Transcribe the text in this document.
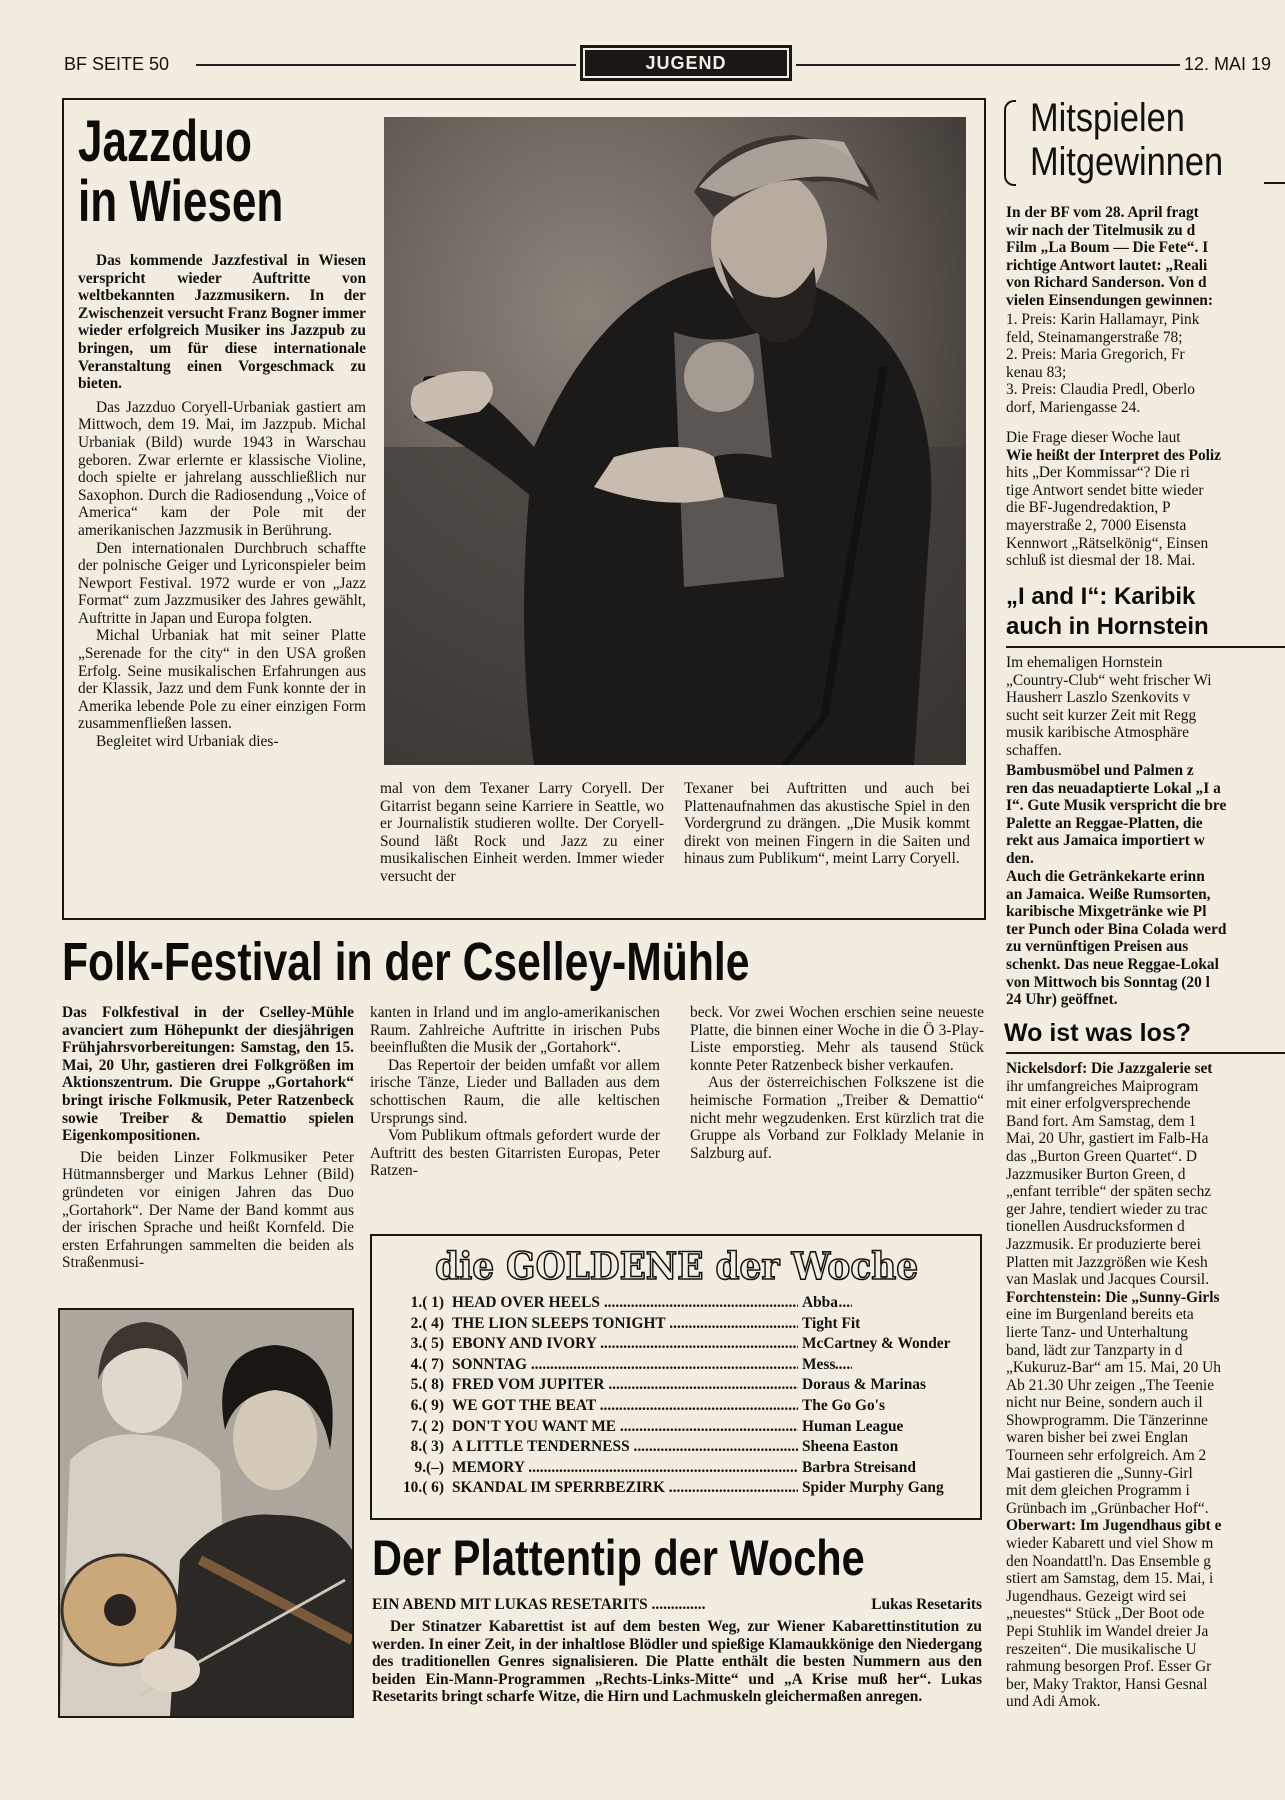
BF SEITE 50	JUGEND	12. MAI 19
Jazzduo
in Wiesen

Das kommende Jazzfestival in Wiesen verspricht wieder Auftritte von weltbekannten Jazzmusikern. In der Zwischenzeit versucht Franz Bogner immer wieder erfolgreich Musiker ins Jazzpub zu bringen, um für diese internationale Veranstaltung einen Vorgeschmack zu bieten.

Das Jazzduo Coryell-Urbaniak gastiert am Mittwoch, dem 19. Mai, im Jazzpub. Michal Urbaniak (Bild) wurde 1943 in Warschau geboren. Zwar erlernte er klassische Violine, doch spielte er jahrelang ausschließlich nur Saxophon. Durch die Radiosendung „Voice of America“ kam der Pole mit der amerikanischen Jazzmusik in Berührung.

Den internationalen Durchbruch schaffte der polnische Geiger und Lyriconspieler beim Newport Festival. 1972 wurde er von „Jazz Format“ zum Jazzmusiker des Jahres gewählt, Auftritte in Japan und Europa folgten.

Michal Urbaniak hat mit seiner Platte „Serenade for the city“ in den USA großen Erfolg. Seine musikalischen Erfahrungen aus der Klassik, Jazz und dem Funk konnte der in Amerika lebende Pole zu einer einzigen Form zusammenfließen lassen.

Begleitet wird Urbaniak dies-

mal von dem Texaner Larry Coryell. Der Gitarrist begann seine Karriere in Seattle, wo er Journalistik studieren wollte. Der Coryell-Sound läßt Rock und Jazz zu einer musikalischen Einheit werden. Immer wieder versucht der

Texaner bei Auftritten und auch bei Plattenaufnahmen das akustische Spiel in den Vordergrund zu drängen. „Die Musik kommt direkt von meinen Fingern in die Saiten und hinaus zum Publikum“, meint Larry Coryell.

Folk-Festival in der Cselley-Mühle

Das Folkfestival in der Cselley-Mühle avanciert zum Höhepunkt der diesjährigen Frühjahrsvorbereitungen: Samstag, den 15. Mai, 20 Uhr, gastieren drei Folkgrößen im Aktionszentrum. Die Gruppe „Gortahork“ bringt irische Folkmusik, Peter Ratzenbeck sowie Treiber & Demattio spielen Eigenkompositionen.

Die beiden Linzer Folkmusiker Peter Hütmannsberger und Markus Lehner (Bild) gründeten vor einigen Jahren das Duo „Gortahork“. Der Name der Band kommt aus der irischen Sprache und heißt Kornfeld. Die ersten Erfahrungen sammelten die beiden als Straßenmusi-

kanten in Irland und im anglo-amerikanischen Raum. Zahlreiche Auftritte in irischen Pubs beeinflußten die Musik der „Gortahork“.

Das Repertoir der beiden umfaßt vor allem irische Tänze, Lieder und Balladen aus dem schottischen Raum, die alle keltischen Ursprungs sind.

Vom Publikum oftmals gefordert wurde der Auftritt des besten Gitarristen Europas, Peter Ratzen-

beck. Vor zwei Wochen erschien seine neueste Platte, die binnen einer Woche in die Ö 3-Play-Liste emporstieg. Mehr als tausend Stück konnte Peter Ratzenbeck bisher verkaufen.

Aus der österreichischen Folkszene ist die heimische Formation „Treiber & Demattio“ nicht mehr wegzudenken. Erst kürzlich trat die Gruppe als Vorband zur Folklady Melanie in Salzburg auf.

die GOLDENE der Woche
1.( 1) HEAD OVER HEELS .....	Abba
2.( 4) THE LION SLEEPS TONIGHT .....	Tight Fit
3.( 5) EBONY AND IVORY .....	McCartney & Wonder
4.( 7) SONNTAG .....	Mess
5.( 8) FRED VOM JUPITER .....	Doraus & Marinas
6.( 9) WE GOT THE BEAT .....	The Go Go's
7.( 2) DON'T YOU WANT ME .....	Human League
8.( 3) A LITTLE TENDERNESS .....	Sheena Easton
9.(–) MEMORY .....	Barbra Streisand
10.( 6) SKANDAL IM SPERRBEZIRK .....	Spider Murphy Gang
Der Plattentip der Woche
EIN ABEND MIT LUKAS RESETARITS ..............	Lukas Resetarits

Der Stinatzer Kabarettist ist auf dem besten Weg, zur Wiener Kabarettinstitution zu werden. In einer Zeit, in der inhaltlose Blödler und spießige Klamaukkönige den Niedergang des traditionellen Genres signalisieren. Die Platte enthält die besten Nummern aus den beiden Ein-Mann-Programmen „Rechts-Links-Mitte“ und „A Krise muß her“. Lukas Resetarits bringt scharfe Witze, die Hirn und Lachmuskeln gleichermaßen anregen.

Mitspielen
Mitgewinnen
In der BF vom 28. April fragt
wir nach der Titelmusik zu d
Film „La Boum — Die Fete“. I
richtige Antwort lautet: „Reali
von Richard Sanderson. Von d
vielen Einsendungen gewinnen:
1. Preis: Karin Hallamayr, Pink
feld, Steinamangerstraße 78;
2. Preis: Maria Gregorich, Fr
kenau 83;
3. Preis: Claudia Predl, Oberlo
dorf, Mariengasse 24.
Die Frage dieser Woche laut
Wie heißt der Interpret des Poliz
hits „Der Kommissar“? Die ri
tige Antwort sendet bitte wieder
die BF-Jugendredaktion, P
mayerstraße 2, 7000 Eisensta
Kennwort „Rätselkönig“, Einsen
schluß ist diesmal der 18. Mai.
„I and I“: Karibik
auch in Hornstein
Im ehemaligen Hornstein
„Country-Club“ weht frischer Wi
Hausherr Laszlo Szenkovits v
sucht seit kurzer Zeit mit Regg
musik karibische Atmosphäre
schaffen.
Bambusmöbel und Palmen z
ren das neuadaptierte Lokal „I a
I“. Gute Musik verspricht die bre
Palette an Reggae-Platten, die
rekt aus Jamaica importiert w
den.
Auch die Getränkekarte erinn
an Jamaica. Weiße Rumsorten,
karibische Mixgetränke wie Pl
ter Punch oder Bina Colada werd
zu vernünftigen Preisen aus
schenkt. Das neue Reggae-Lokal
von Mittwoch bis Sonntag (20 l
24 Uhr) geöffnet.
Wo ist was los?
Nickelsdorf: Die Jazzgalerie set
ihr umfangreiches Maiprogram
mit einer erfolgversprechende
Band fort. Am Samstag, dem 1
Mai, 20 Uhr, gastiert im Falb-Ha
das „Burton Green Quartet“. D
Jazzmusiker Burton Green, d
„enfant terrible“ der späten sechz
ger Jahre, tendiert wieder zu trac
tionellen Ausdrucksformen d
Jazzmusik. Er produzierte berei
Platten mit Jazzgrößen wie Kesh
van Maslak und Jacques Coursil.
Forchtenstein: Die „Sunny-Girls
eine im Burgenland bereits eta
lierte Tanz- und Unterhaltung
band, lädt zur Tanzparty in d
„Kukuruz-Bar“ am 15. Mai, 20 Uh
Ab 21.30 Uhr zeigen „The Teenie
nicht nur Beine, sondern auch il
Showprogramm. Die Tänzerinne
waren bisher bei zwei Englan
Tourneen sehr erfolgreich. Am 2
Mai gastieren die „Sunny-Girl
mit dem gleichen Programm i
Grünbach im „Grünbacher Hof“.
Oberwart: Im Jugendhaus gibt e
wieder Kabarett und viel Show m
den Noandattl'n. Das Ensemble g
stiert am Samstag, dem 15. Mai, i
Jugendhaus. Gezeigt wird sei
„neuestes“ Stück „Der Boot ode
Pepi Stuhlik im Wandel dreier Ja
reszeiten“. Die musikalische U
rahmung besorgen Prof. Esser Gr
ber, Maky Traktor, Hansi Gesnal
und Adi Amok.
